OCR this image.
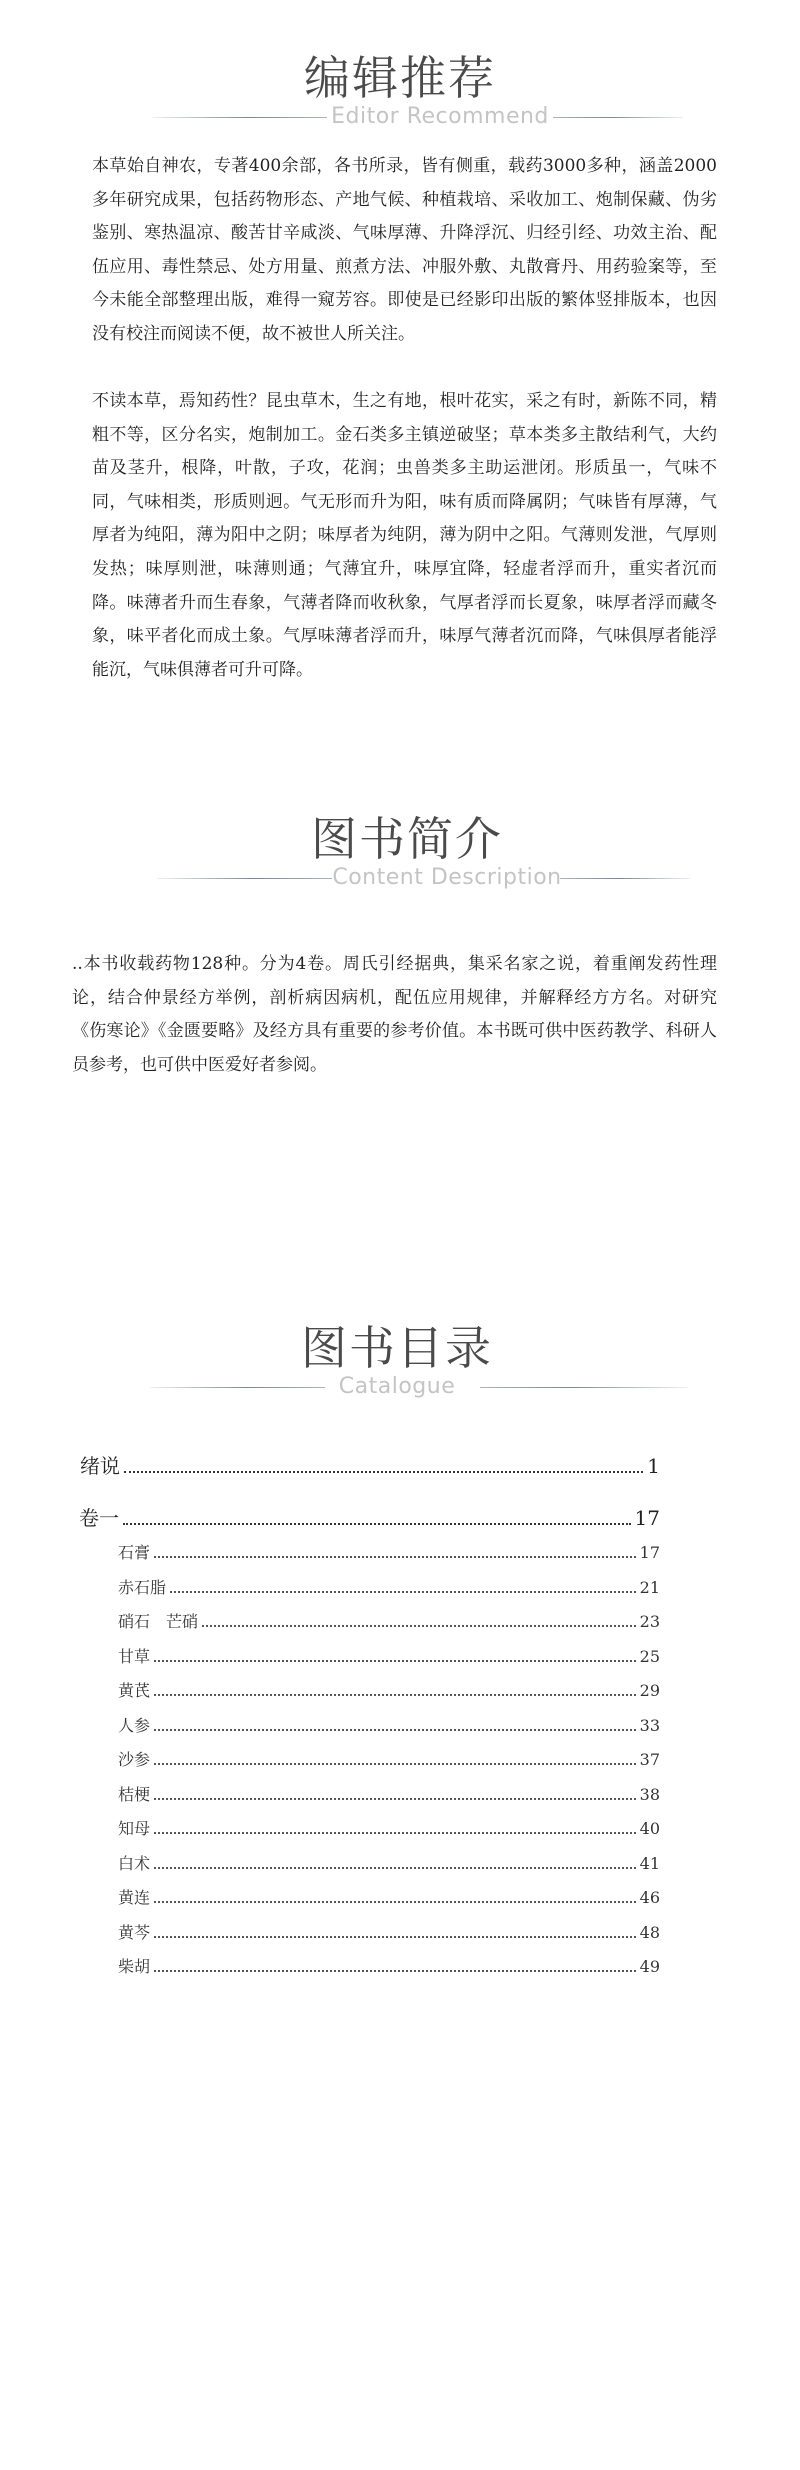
编辑推荐
Editor Recommend

本草始自神农，专著400余部，各书所录，皆有侧重，载药3000多种，涵盖2000多年研究成果，包括药物形态、产地气候、种植栽培、采收加工、炮制保藏、伪劣鉴别、寒热温凉、酸苦甘辛咸淡、气味厚薄、升降浮沉、归经引经、功效主治、配伍应用、毒性禁忌、处方用量、煎煮方法、冲服外敷、丸散膏丹、用药验案等，至今未能全部整理出版，难得一窥芳容。即使是已经影印出版的繁体竖排版本，也因没有校注而阅读不便，故不被世人所关注。

不读本草，焉知药性？昆虫草木，生之有地，根叶花实，采之有时，新陈不同，精粗不等，区分名实，炮制加工。金石类多主镇逆破坚；草本类多主散结利气，大约苗及茎升，根降，叶散，子攻，花润；虫兽类多主助运泄闭。形质虽一，气味不同，气味相类，形质则迥。气无形而升为阳，味有质而降属阴；气味皆有厚薄，气厚者为纯阳，薄为阳中之阴；味厚者为纯阴，薄为阴中之阳。气薄则发泄，气厚则发热；味厚则泄，味薄则通；气薄宜升，味厚宜降，轻虚者浮而升，重实者沉而降。味薄者升而生春象，气薄者降而收秋象，气厚者浮而长夏象，味厚者浮而藏冬象，味平者化而成土象。气厚味薄者浮而升，味厚气薄者沉而降，气味俱厚者能浮能沉，气味俱薄者可升可降。

图书简介
Content Description

..本书收载药物128种。分为4卷。周氏引经据典，集采名家之说，着重阐发药性理论，结合仲景经方举例，剖析病因病机，配伍应用规律，并解释经方方名。对研究《伤寒论》《金匮要略》及经方具有重要的参考价值。本书既可供中医药教学、科研人员参考，也可供中医爱好者参阅。

图书目录
Catalogue
绪说	1
卷一	17
石膏	17
赤石脂	21
硝石　芒硝	23
甘草	25
黄芪	29
人参	33
沙参	37
桔梗	38
知母	40
白术	41
黄连	46
黄芩	48
柴胡	49
